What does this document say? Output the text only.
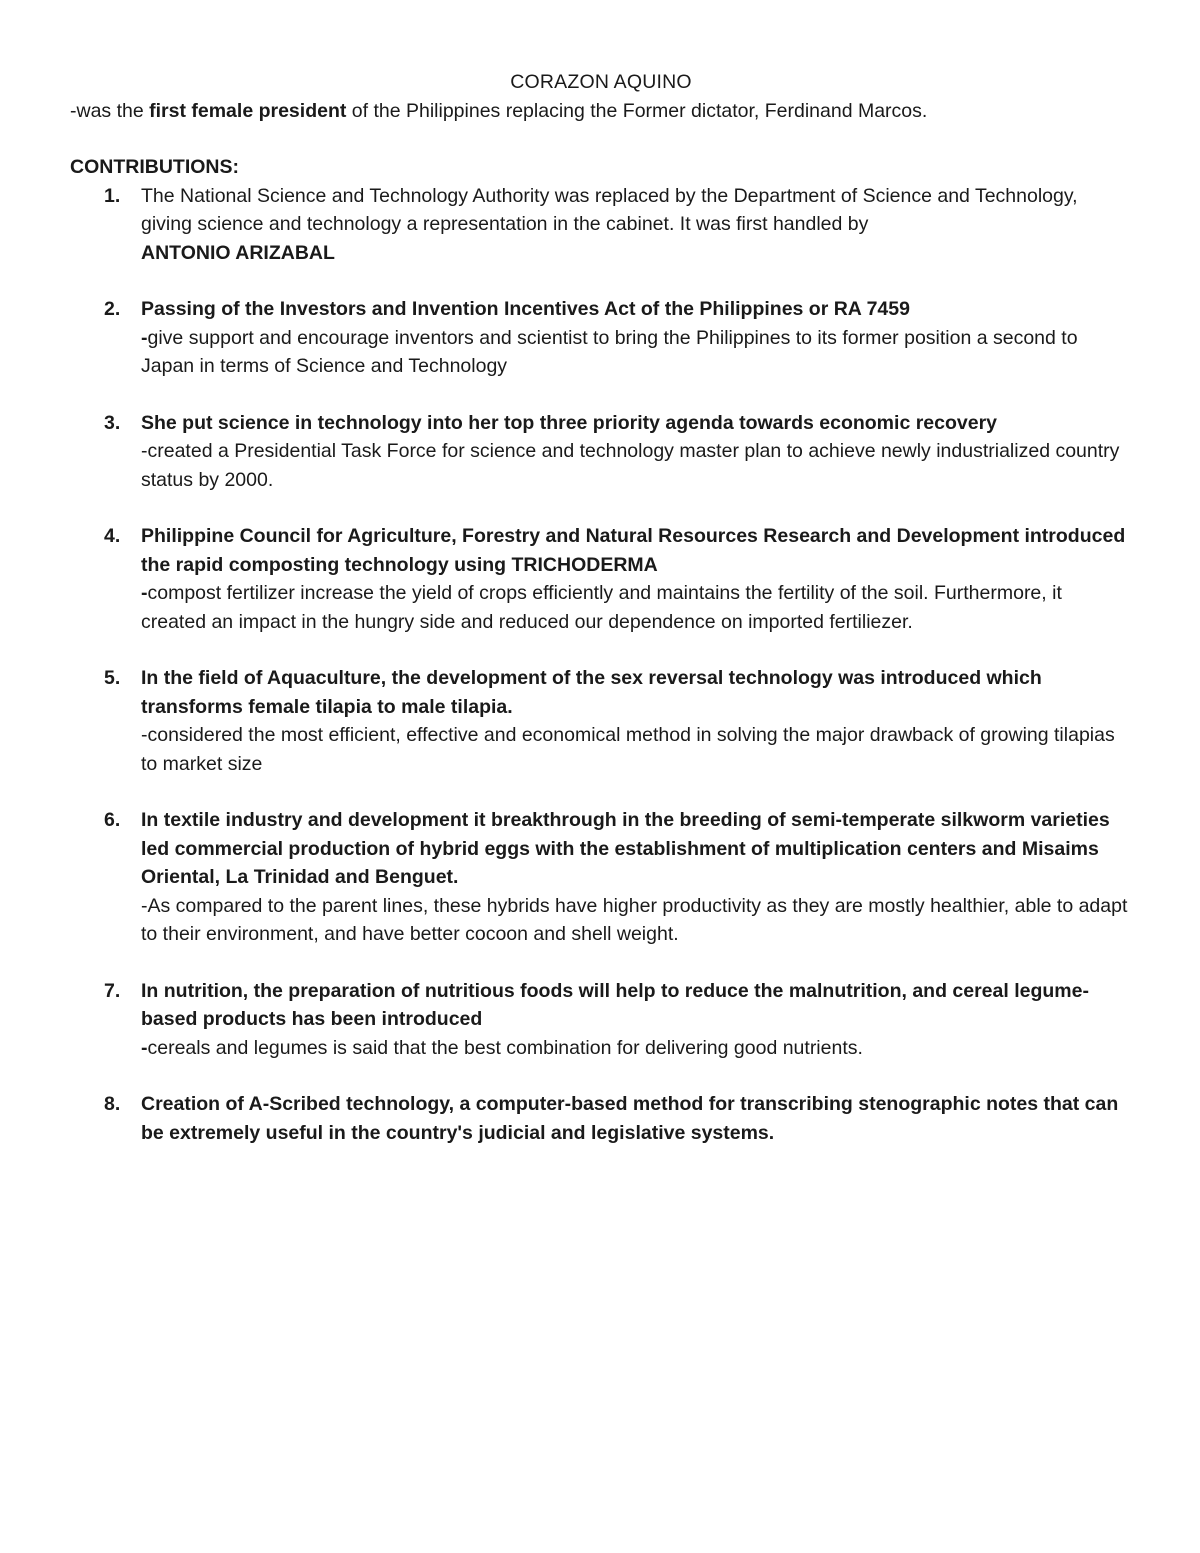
CORAZON AQUINO

-was the first female president of the Philippines replacing the Former dictator, Ferdinand Marcos.

CONTRIBUTIONS:

1. The National Science and Technology Authority was replaced by the Department of Science and Technology, giving science and technology a representation in the cabinet. It was first handled by
ANTONIO ARIZABAL
2. Passing of the Investors and Invention Incentives Act of the Philippines or RA 7459
-give support and encourage inventors and scientist to bring the Philippines to its former position a second to Japan in terms of Science and Technology
3. She put science in technology into her top three priority agenda towards economic recovery
-created a Presidential Task Force for science and technology master plan to achieve newly industrialized country status by 2000.
4. Philippine Council for Agriculture, Forestry and Natural Resources Research and Development introduced the rapid composting technology using TRICHODERMA
-compost fertilizer increase the yield of crops efficiently and maintains the fertility of the soil. Furthermore, it created an impact in the hungry side and reduced our dependence on imported fertiliezer.
5. In the field of Aquaculture, the development of the sex reversal technology was introduced which transforms female tilapia to male tilapia.
-considered the most efficient, effective and economical method in solving the major drawback of growing tilapias to market size
6. In textile industry and development it breakthrough in the breeding of semi-temperate silkworm varieties led commercial production of hybrid eggs with the establishment of multiplication centers and Misaims Oriental, La Trinidad and Benguet.
-As compared to the parent lines, these hybrids have higher productivity as they are mostly healthier, able to adapt to their environment, and have better cocoon and shell weight.
7. In nutrition, the preparation of nutritious foods will help to reduce the malnutrition, and cereal legume-based products has been introduced
-cereals and legumes is said that the best combination for delivering good nutrients.
8. Creation of A-Scribed technology, a computer-based method for transcribing stenographic notes that can be extremely useful in the country's judicial and legislative systems.
